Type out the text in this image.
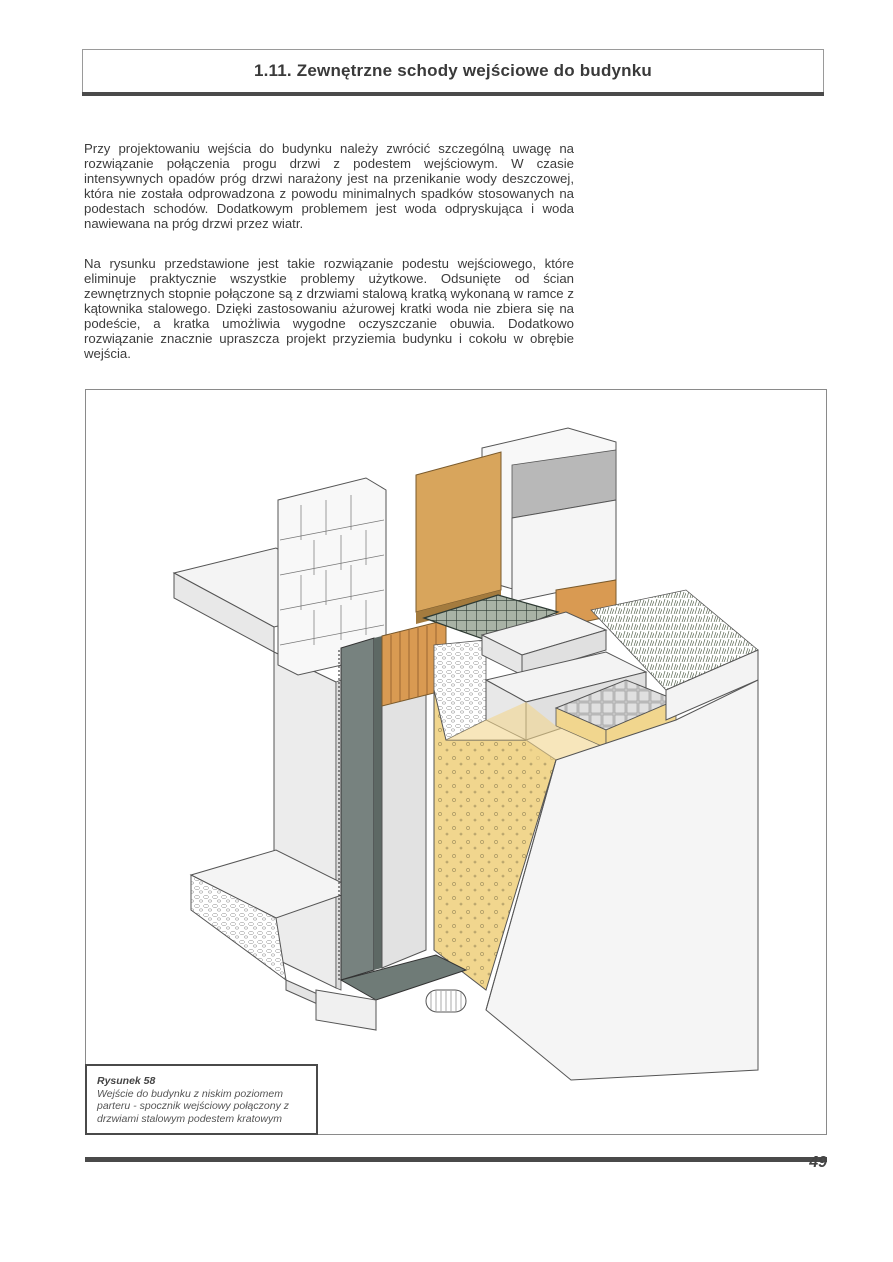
1.11. Zewnętrzne schody wejściowe do budynku

Przy projektowaniu wejścia do budynku należy zwrócić szczególną uwagę na rozwiązanie połączenia progu drzwi z podestem wejściowym. W czasie intensywnych opadów próg drzwi narażony jest na przenikanie wody deszczowej, która nie została odprowadzona z powodu minimalnych spadków stosowanych na podestach schodów. Dodatkowym problemem jest woda odpryskująca i woda nawiewana na próg drzwi przez wiatr.

Na rysunku przedstawione jest takie rozwiązanie podestu wejściowego, które eliminuje praktycznie wszystkie problemy użytkowe. Odsunięte od ścian zewnętrznych stopnie połączone są z drzwiami stalową kratką wykonaną w ramce z kątownika stalowego. Dzięki zastosowaniu ażurowej kratki woda nie zbiera się na podeście, a kratka umożliwia wygodne oczyszczanie obuwia. Dodatkowo rozwiązanie znacznie upraszcza projekt przyziemia budynku i cokołu w obrębie wejścia.

Rysunek 58
Wejście do budynku z niskim poziomem parteru - spocznik wejściowy połączony z drzwiami stalowym podestem kratowym
49
